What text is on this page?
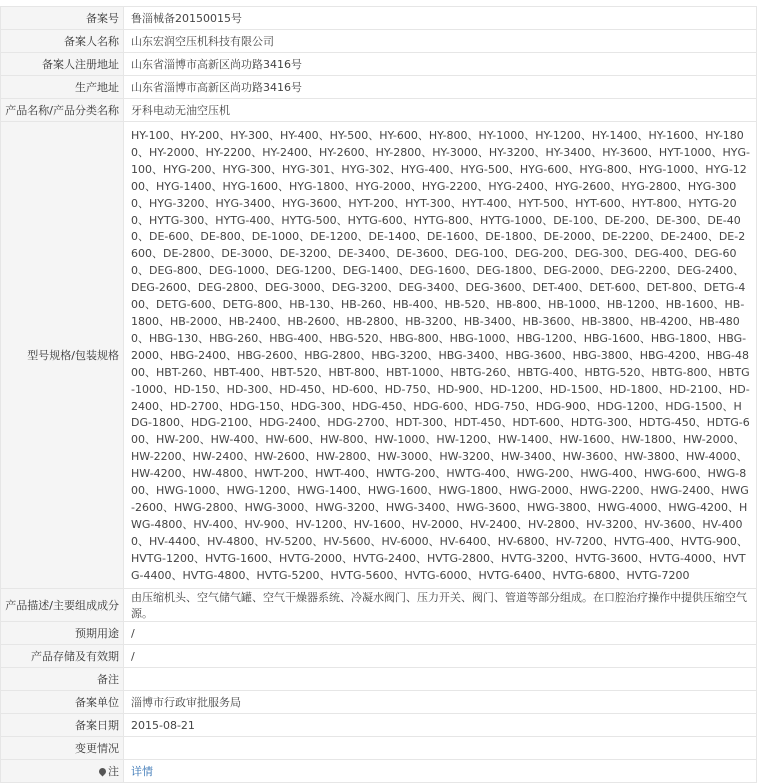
备案号	鲁淄械备20150015号
备案人名称	山东宏润空压机科技有限公司
备案人注册地址	山东省淄博市高新区尚功路3416号
生产地址	山东省淄博市高新区尚功路3416号
产品名称/产品分类名称	牙科电动无油空压机
型号规格/包装规格	HY-100、HY-200、HY-300、HY-400、HY-500、HY-600、HY-800、HY-1000、HY-1200、HY-1400、HY-1600、HY-1800、HY-2000、HY-2200、HY-2400、HY-2600、HY-2800、HY-3000、HY-3200、HY-3400、HY-3600、HYT-1000、HYG-100、HYG-200、HYG-300、HYG-301、HYG-302、HYG-400、HYG-500、HYG-600、HYG-800、HYG-1000、HYG-1200、HYG-1400、HYG-1600、HYG-1800、HYG-2000、HYG-2200、HYG-2400、HYG-2600、HYG-2800、HYG-3000、HYG-3200、HYG-3400、HYG-3600、HYT-200、HYT-300、HYT-400、HYT-500、HYT-600、HYT-800、HYTG-200、HYTG-300、HYTG-400、HYTG-500、HYTG-600、HYTG-800、HYTG-1000、DE-100、DE-200、DE-300、DE-400、DE-600、DE-800、DE-1000、DE-1200、DE-1400、DE-1600、DE-1800、DE-2000、DE-2200、DE-2400、DE-2600、DE-2800、DE-3000、DE-3200、DE-3400、DE-3600、DEG-100、DEG-200、DEG-300、DEG-400、DEG-600、DEG-800、DEG-1000、DEG-1200、DEG-1400、DEG-1600、DEG-1800、DEG-2000、DEG-2200、DEG-2400、DEG-2600、DEG-2800、DEG-3000、DEG-3200、DEG-3400、DEG-3600、DET-400、DET-600、DET-800、DETG-400、DETG-600、DETG-800、HB-130、HB-260、HB-400、HB-520、HB-800、HB-1000、HB-1200、HB-1600、HB-1800、HB-2000、HB-2400、HB-2600、HB-2800、HB-3200、HB-3400、HB-3600、HB-3800、HB-4200、HB-4800、HBG-130、HBG-260、HBG-400、HBG-520、HBG-800、HBG-1000、HBG-1200、HBG-1600、HBG-1800、HBG-2000、HBG-2400、HBG-2600、HBG-2800、HBG-3200、HBG-3400、HBG-3600、HBG-3800、HBG-4200、HBG-4800、HBT-260、HBT-400、HBT-520、HBT-800、HBT-1000、HBTG-260、HBTG-400、HBTG-520、HBTG-800、HBTG-1000、HD-150、HD-300、HD-450、HD-600、HD-750、HD-900、HD-1200、HD-1500、HD-1800、HD-2100、HD-2400、HD-2700、HDG-150、HDG-300、HDG-450、HDG-600、HDG-750、HDG-900、HDG-1200、HDG-1500、HDG-1800、HDG-2100、HDG-2400、HDG-2700、HDT-300、HDT-450、HDT-600、HDTG-300、HDTG-450、HDTG-600、HW-200、HW-400、HW-600、HW-800、HW-1000、HW-1200、HW-1400、HW-1600、HW-1800、HW-2000、HW-2200、HW-2400、HW-2600、HW-2800、HW-3000、HW-3200、HW-3400、HW-3600、HW-3800、HW-4000、HW-4200、HW-4800、HWT-200、HWT-400、HWTG-200、HWTG-400、HWG-200、HWG-400、HWG-600、HWG-800、HWG-1000、HWG-1200、HWG-1400、HWG-1600、HWG-1800、HWG-2000、HWG-2200、HWG-2400、HWG-2600、HWG-2800、HWG-3000、HWG-3200、HWG-3400、HWG-3600、HWG-3800、HWG-4000、HWG-4200、HWG-4800、HV-400、HV-900、HV-1200、HV-1600、HV-2000、HV-2400、HV-2800、HV-3200、HV-3600、HV-4000、HV-4400、HV-4800、HV-5200、HV-5600、HV-6000、HV-6400、HV-6800、HV-7200、HVTG-400、HVTG-900、HVTG-1200、HVTG-1600、HVTG-2000、HVTG-2400、HVTG-2800、HVTG-3200、HVTG-3600、HVTG-4000、HVTG-4400、HVTG-4800、HVTG-5200、HVTG-5600、HVTG-6000、HVTG-6400、HVTG-6800、HVTG-7200
产品描述/主要组成成分	由压缩机头、空气储气罐、空气干燥器系统、冷凝水阀门、压力开关、阀门、管道等部分组成。在口腔治疗操作中提供压缩空气源。
预期用途	/
产品存储及有效期	/
备注	
备案单位	淄博市行政审批服务局
备案日期	2015-08-21
变更情况	
注	详情
